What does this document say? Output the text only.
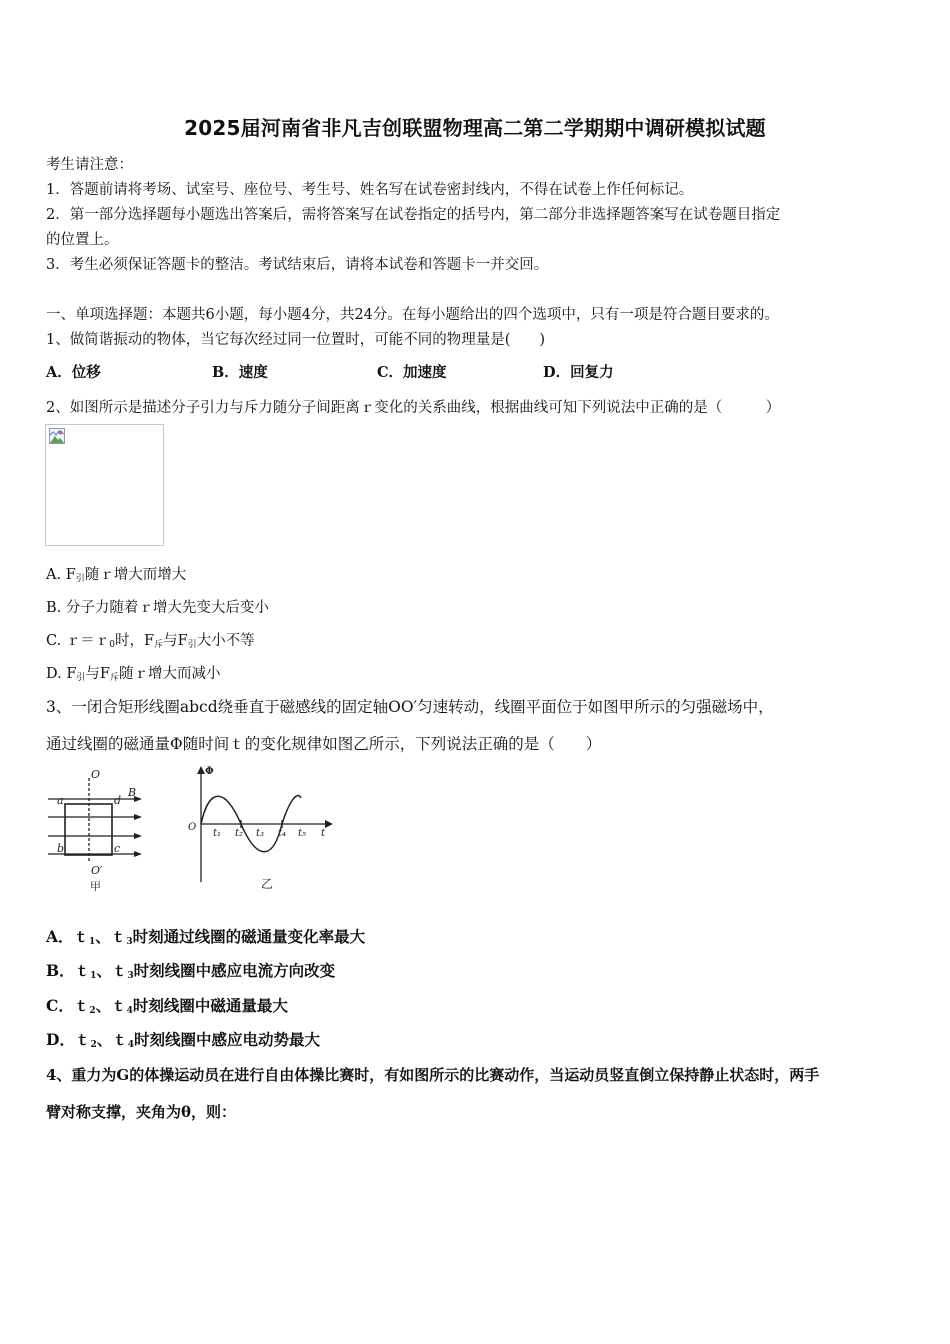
2025届河南省非凡吉创联盟物理高二第二学期期中调研模拟试题
考生请注意：
1．答题前请将考场、试室号、座位号、考生号、姓名写在试卷密封线内，不得在试卷上作任何标记。
2．第一部分选择题每小题选出答案后，需将答案写在试卷指定的括号内，第二部分非选择题答案写在试卷题目指定
的位置上。
3．考生必须保证答题卡的整洁。考试结束后，请将本试卷和答题卡一并交回。
一、单项选择题：本题共6小题，每小题4分，共24分。在每小题给出的四个选项中，只有一项是符合题目要求的。
1、做简谐振动的物体，当它每次经过同一位置时，可能不同的物理量是(　　)
A．位移	B．速度	C．加速度	D．回复力
2、如图所示是描述分子引力与斥力随分子间距离ｒ变化的关系曲线，根据曲线可知下列说法中正确的是（　　　）
A. $F_引$随ｒ增大而增大
B. 分子力随着ｒ增大先变大后变小
C. ｒ＝ｒ$_0$时，$F_斥$与$F_引$大小不等
D. $F_引$与$F_斥$随ｒ增大而减小
3、一闭合矩形线圈abcd绕垂直于磁感线的固定轴OO′匀速转动，线圈平面位于如图甲所示的匀强磁场中，
通过线圈的磁通量Φ随时间ｔ的变化规律如图乙所示，下列说法正确的是（　　）
O
a	d
B
b	c
O′
甲
Φ
O
t₁ t₂ t₃ t₄ t₅ t
乙
A．ｔ$_1$、ｔ$_3$时刻通过线圈的磁通量变化率最大
B．ｔ$_1$、ｔ$_3$时刻线圈中感应电流方向改变
C．ｔ$_2$、ｔ$_4$时刻线圈中磁通量最大
D．ｔ$_2$、ｔ$_4$时刻线圈中感应电动势最大
4、重力为G的体操运动员在进行自由体操比赛时，有如图所示的比赛动作，当运动员竖直倒立保持静止状态时，两手
臂对称支撑，夹角为θ，则：
